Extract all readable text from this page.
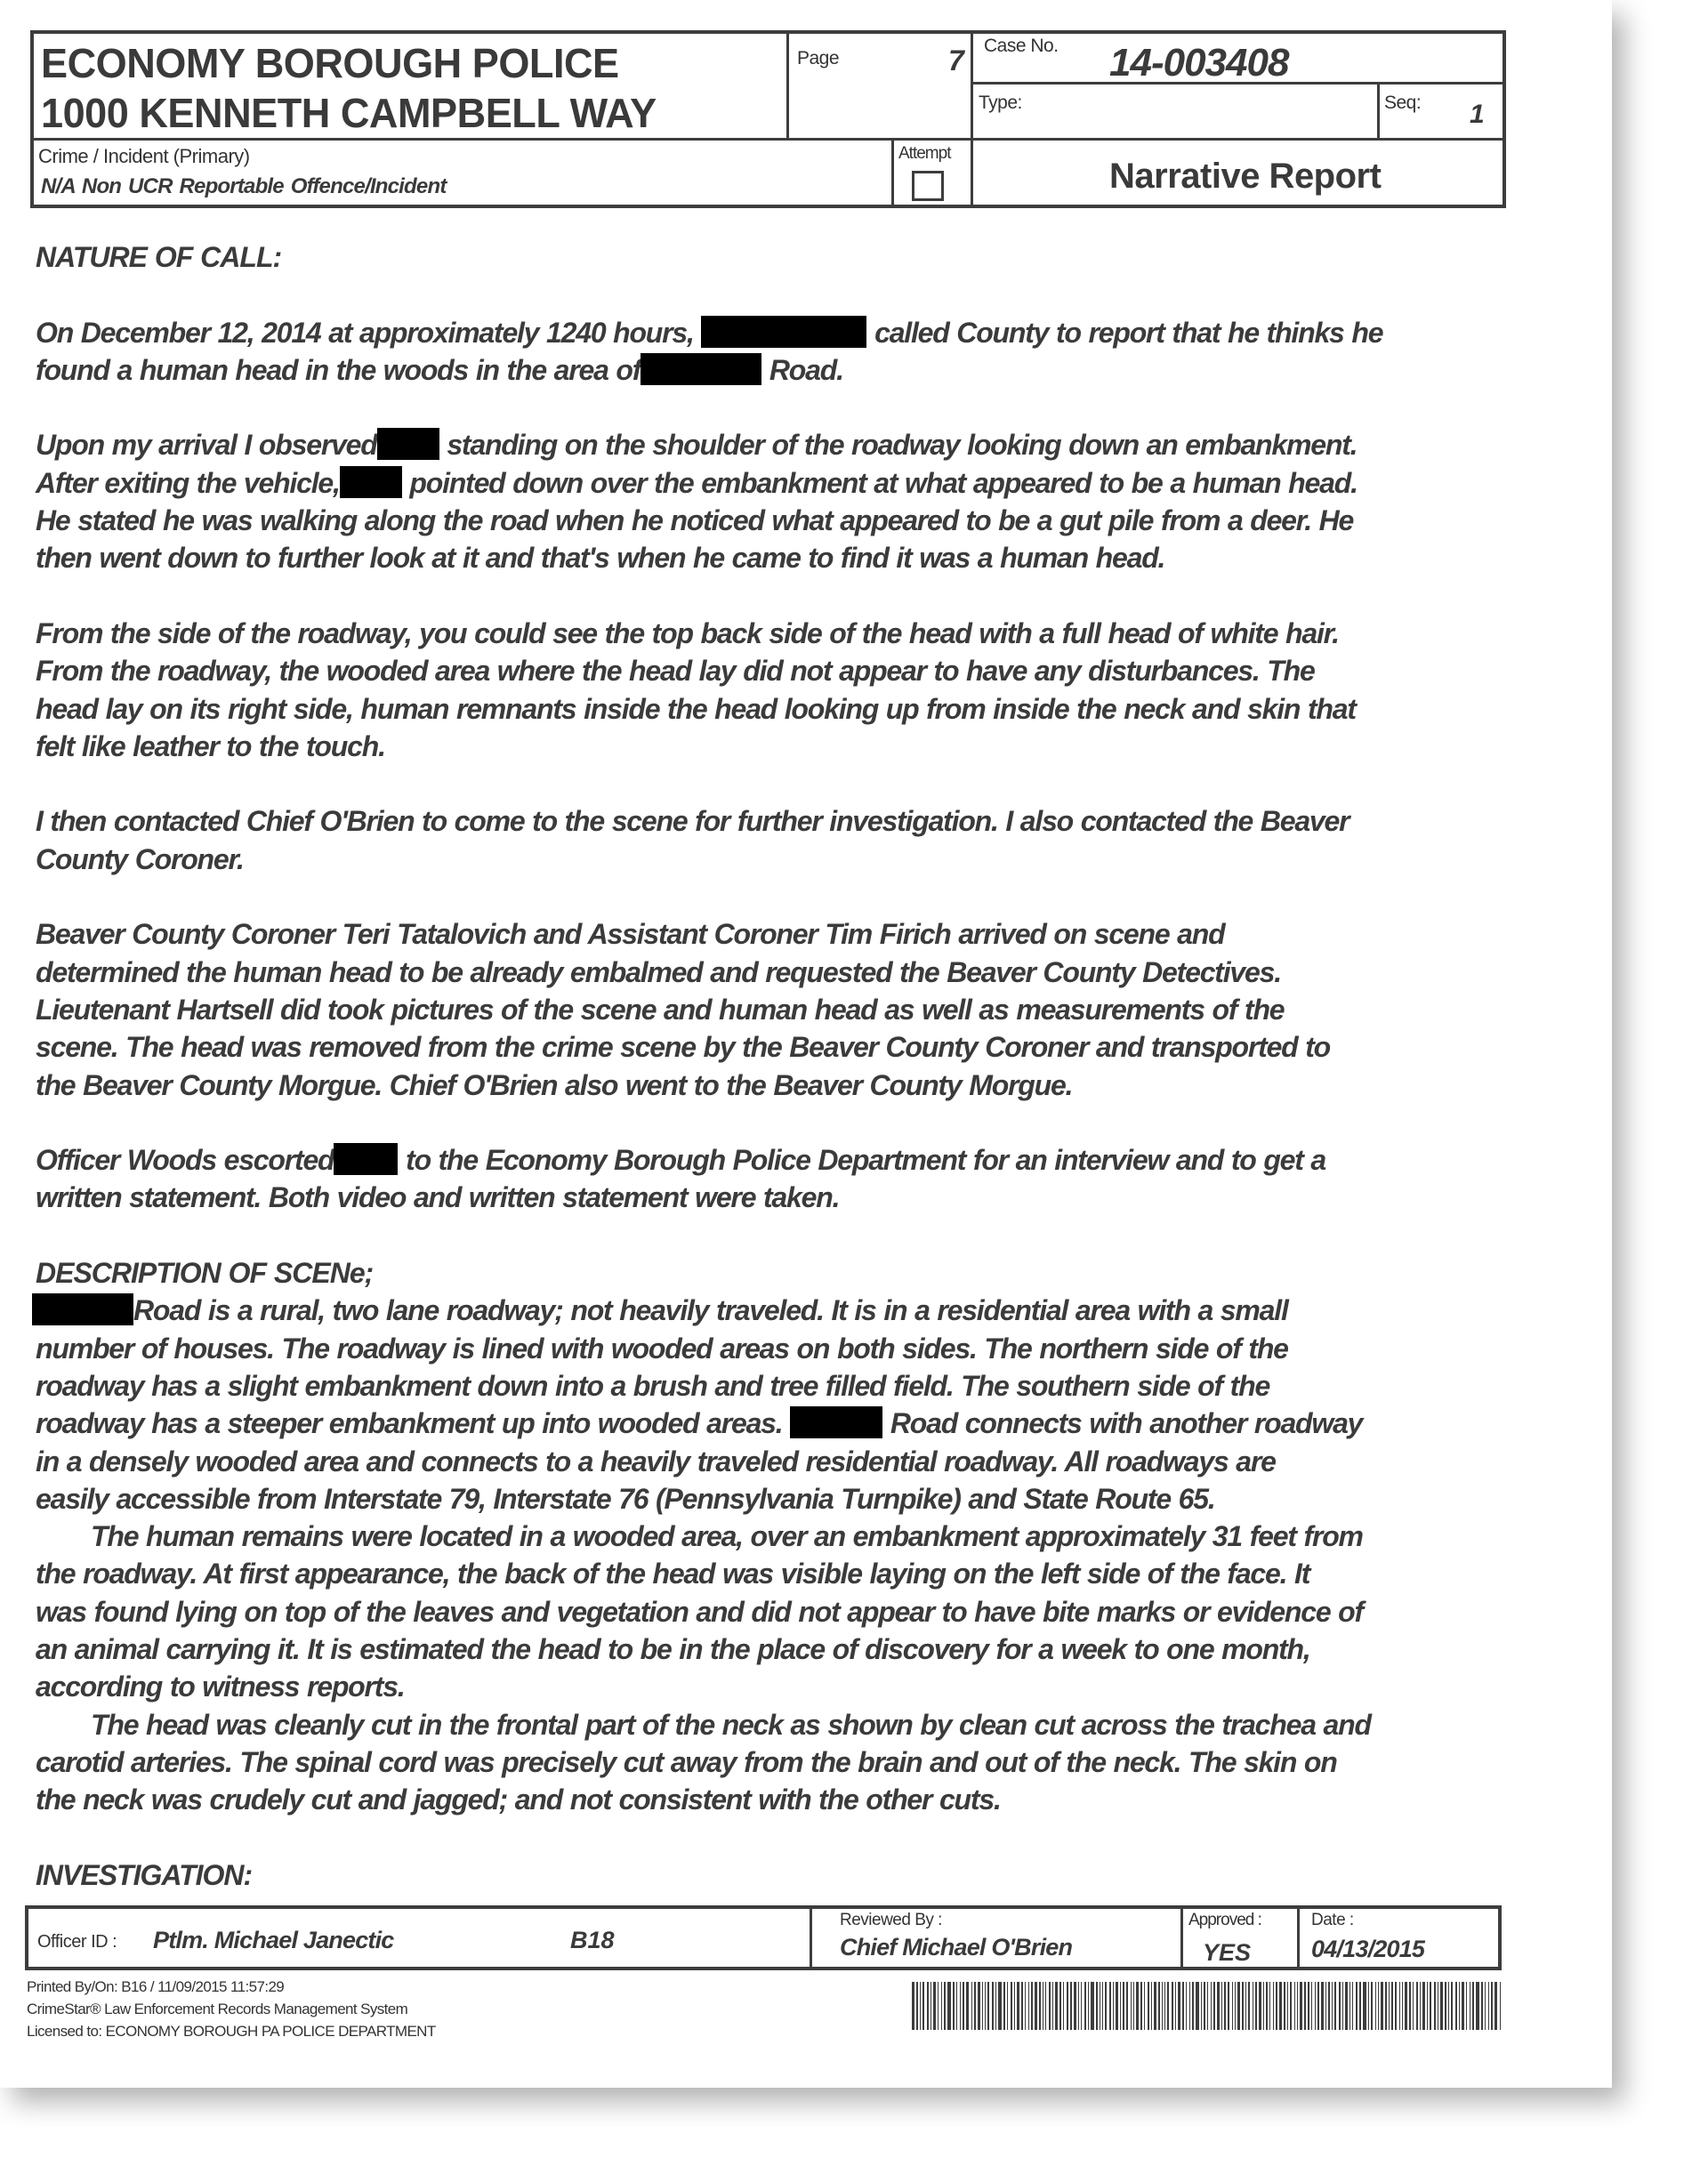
ECONOMY BOROUGH POLICE
1000 KENNETH CAMPBELL WAY
Page	7 Case No. 14-003408
Type:	Seq: 1
Crime / Incident (Primary)
N/A Non UCR Reportable Offence/Incident
Attempt
Narrative Report

NATURE OF CALL:

On December 12, 2014 at approximately 1240 hours,	called County to report that he thinks he

found a human head in the woods in the area of	Road.

Upon my arrival I observed standing on the shoulder of the roadway looking down an embankment.

After exiting the vehicle, pointed down over the embankment at what appeared to be a human head.

He stated he was walking along the road when he noticed what appeared to be a gut pile from a deer. He

then went down to further look at it and that's when he came to find it was a human head.

From the side of the roadway, you could see the top back side of the head with a full head of white hair.

From the roadway, the wooded area where the head lay did not appear to have any disturbances. The

head lay on its right side, human remnants inside the head looking up from inside the neck and skin that

felt like leather to the touch.

I then contacted Chief O'Brien to come to the scene for further investigation. I also contacted the Beaver

County Coroner.

Beaver County Coroner Teri Tatalovich and Assistant Coroner Tim Firich arrived on scene and

determined the human head to be already embalmed and requested the Beaver County Detectives.

Lieutenant Hartsell did took pictures of the scene and human head as well as measurements of the

scene. The head was removed from the crime scene by the Beaver County Coroner and transported to

the Beaver County Morgue. Chief O'Brien also went to the Beaver County Morgue.

Officer Woods escorted	to the Economy Borough Police Department for an interview and to get a

written statement. Both video and written statement were taken.

DESCRIPTION OF SCENe;

Road is a rural, two lane roadway; not heavily traveled. It is in a residential area with a small

number of houses. The roadway is lined with wooded areas on both sides. The northern side of the

roadway has a slight embankment down into a brush and tree filled field. The southern side of the

roadway has a steeper embankment up into wooded areas.	Road connects with another roadway

in a densely wooded area and connects to a heavily traveled residential roadway. All roadways are

easily accessible from Interstate 79, Interstate 76 (Pennsylvania Turnpike) and State Route 65.

The human remains were located in a wooded area, over an embankment approximately 31 feet from

the roadway. At first appearance, the back of the head was visible laying on the left side of the face. It

was found lying on top of the leaves and vegetation and did not appear to have bite marks or evidence of

an animal carrying it. It is estimated the head to be in the place of discovery for a week to one month,

according to witness reports.

The head was cleanly cut in the frontal part of the neck as shown by clean cut across the trachea and

carotid arteries. The spinal cord was precisely cut away from the brain and out of the neck. The skin on

the neck was crudely cut and jagged; and not consistent with the other cuts.

INVESTIGATION:

Officer ID : Ptlm. Michael Janectic	B18
Reviewed By :
Chief Michael O'Brien
Approved :
YES
Date :
04/13/2015
Printed By/On: B16 / 11/09/2015 11:57:29
CrimeStar® Law Enforcement Records Management System
Licensed to: ECONOMY BOROUGH PA POLICE DEPARTMENT
